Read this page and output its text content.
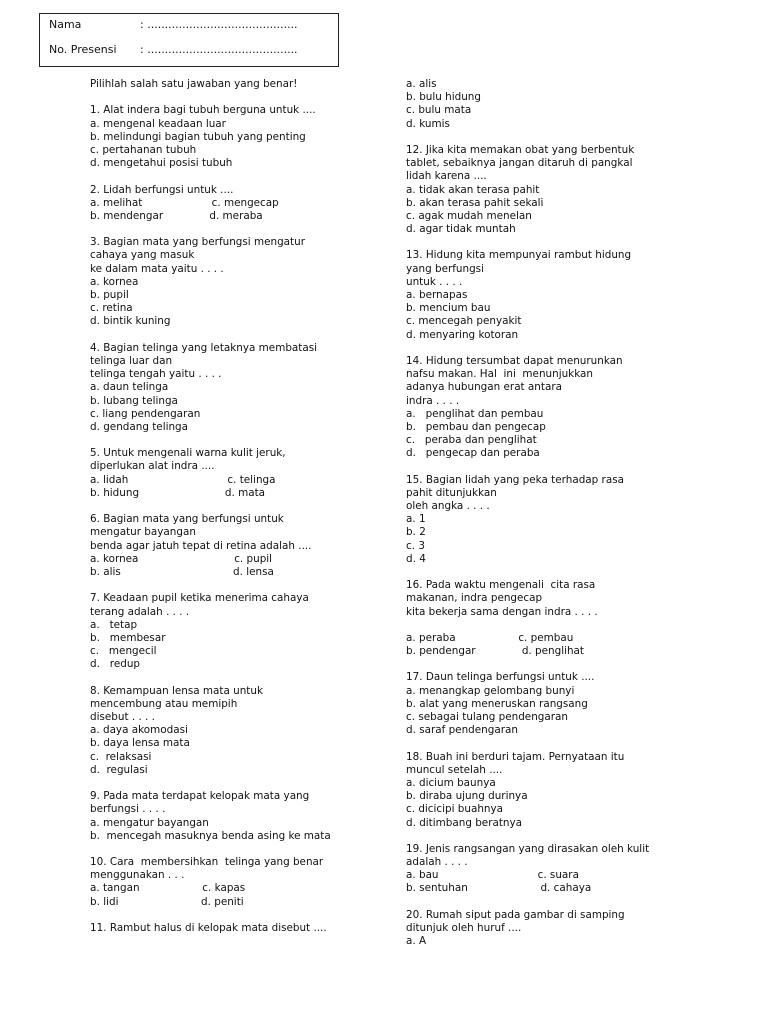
Nama

	: ...........................................

No. Presensi

: ...........................................

Pilihlah salah satu jawaban yang benar!
1. Alat indera bagi tubuh berguna untuk ....
a. mengenal keadaan luar
b. melindungi bagian tubuh yang penting
c. pertahanan tubuh
d. mengetahui posisi tubuh
2. Lidah berfungsi untuk ....
a. melihat                     c. mengecap
b. mendengar              d. meraba
3. Bagian mata yang berfungsi mengatur
cahaya yang masuk
ke dalam mata yaitu . . . .
a. kornea
b. pupil
c. retina
d. bintik kuning
4. Bagian telinga yang letaknya membatasi
telinga luar dan
telinga tengah yaitu . . . .
a. daun telinga
b. lubang telinga
c. liang pendengaran
d. gendang telinga
5. Untuk mengenali warna kulit jeruk,
diperlukan alat indra ....
a. lidah                              c. telinga
b. hidung                          d. mata
6. Bagian mata yang berfungsi untuk
mengatur bayangan
benda agar jatuh tepat di retina adalah ....
a. kornea                             c. pupil
b. alis                                  d. lensa
7. Keadaan pupil ketika menerima cahaya
terang adalah . . . .
a.   tetap
b.   membesar
c.   mengecil
d.   redup
8. Kemampuan lensa mata untuk
mencembung atau memipih
disebut . . . .
a. daya akomodasi
b. daya lensa mata
c.  relaksasi
d.  regulasi
9. Pada mata terdapat kelopak mata yang
berfungsi . . . .
a. mengatur bayangan
b.  mencegah masuknya benda asing ke mata
10. Cara  membersihkan  telinga yang benar
menggunakan . . .
a. tangan                   c. kapas
b. lidi                         d. peniti
11. Rambut halus di kelopak mata disebut ....
a. alis
b. bulu hidung
c. bulu mata
d. kumis
12. Jika kita memakan obat yang berbentuk
tablet, sebaiknya jangan ditaruh di pangkal
lidah karena ....
a. tidak akan terasa pahit
b. akan terasa pahit sekali
c. agak mudah menelan
d. agar tidak muntah
13. Hidung kita mempunyai rambut hidung
yang berfungsi
untuk . . . .
a. bernapas
b. mencium bau
c. mencegah penyakit
d. menyaring kotoran
14. Hidung tersumbat dapat menurunkan
nafsu makan. Hal  ini  menunjukkan
adanya hubungan erat antara
indra . . . .
a.   penglihat dan pembau
b.   pembau dan pengecap
c.   peraba dan penglihat
d.   pengecap dan peraba
15. Bagian lidah yang peka terhadap rasa
pahit ditunjukkan
oleh angka . . . .
a. 1
b. 2
c. 3
d. 4
16. Pada waktu mengenali  cita rasa
makanan, indra pengecap
kita bekerja sama dengan indra . . . .
a. peraba                   c. pembau
b. pendengar              d. penglihat
17. Daun telinga berfungsi untuk ....
a. menangkap gelombang bunyi
b. alat yang meneruskan rangsang
c. sebagai tulang pendengaran
d. saraf pendengaran
18. Buah ini berduri tajam. Pernyataan itu
muncul setelah ....
a. dicium baunya
b. diraba ujung durinya
c. dicicipi buahnya
d. ditimbang beratnya
19. Jenis rangsangan yang dirasakan oleh kulit
adalah . . . .
a. bau                              c. suara
b. sentuhan                      d. cahaya
20. Rumah siput pada gambar di samping
ditunjuk oleh huruf ....
a. A
